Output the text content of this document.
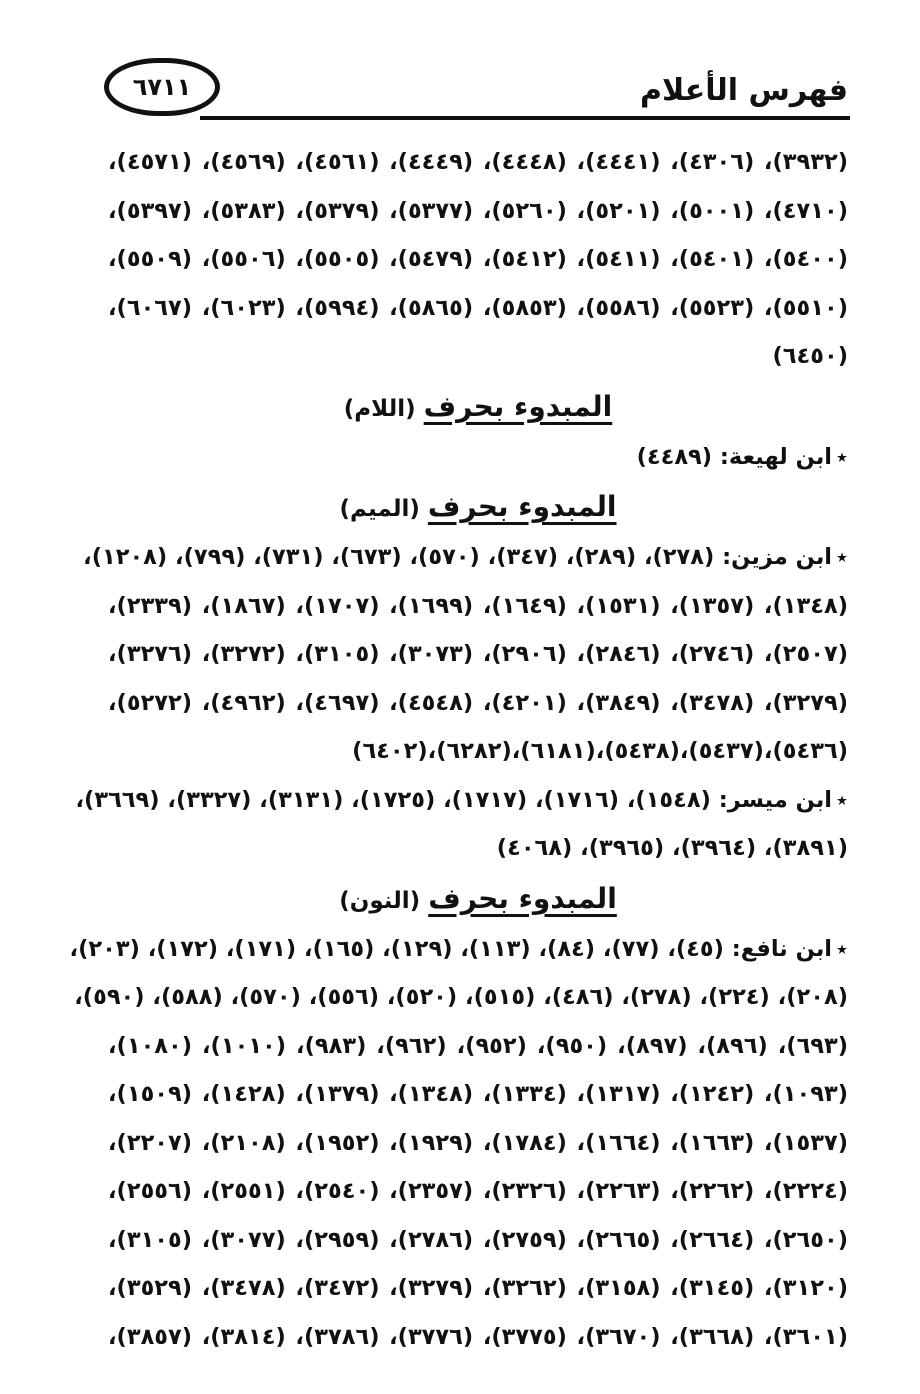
فهرس الأعلام
٦٧١١
(٣٩٣٢)، (٤٣٠٦)، (٤٤٤١)، (٤٤٤٨)، (٤٤٤٩)، (٤٥٦١)، (٤٥٦٩)، (٤٥٧١)،
(٤٧١٠)، (٥٠٠١)، (٥٢٠١)، (٥٢٦٠)، (٥٣٧٧)، (٥٣٧٩)، (٥٣٨٣)، (٥٣٩٧)،
(٥٤٠٠)، (٥٤٠١)، (٥٤١١)، (٥٤١٢)، (٥٤٧٩)، (٥٥٠٥)، (٥٥٠٦)، (٥٥٠٩)،
(٥٥١٠)، (٥٥٢٣)، (٥٥٨٦)، (٥٨٥٣)، (٥٨٦٥)، (٥٩٩٤)، (٦٠٢٣)، (٦٠٦٧)،
(٦٤٥٠)
المبدوء بحرف (اللام)
٭ابن لهيعة: (٤٤٨٩)
المبدوء بحرف (الميم)
٭ابن مزين: (٢٧٨)، (٢٨٩)، (٣٤٧)، (٥٧٠)، (٦٧٣)، (٧٣١)، (٧٩٩)، (١٢٠٨)،
(١٣٤٨)، (١٣٥٧)، (١٥٣١)، (١٦٤٩)، (١٦٩٩)، (١٧٠٧)، (١٨٦٧)، (٢٣٣٩)،
(٢٥٠٧)، (٢٧٤٦)، (٢٨٤٦)، (٢٩٠٦)، (٣٠٧٣)، (٣١٠٥)، (٣٢٧٢)، (٣٢٧٦)،
(٣٢٧٩)، (٣٤٧٨)، (٣٨٤٩)، (٤٢٠١)، (٤٥٤٨)، (٤٦٩٧)، (٤٩٦٢)، (٥٢٧٢)،
(٥٤٣٦)،(٥٤٣٧)،(٥٤٣٨)،(٦١٨١)،(٦٢٨٢)،(٦٤٠٢)
٭ابن ميسر: (١٥٤٨)، (١٧١٦)، (١٧١٧)، (١٧٢٥)، (٣١٣١)، (٣٣٢٧)، (٣٦٦٩)،
(٣٨٩١)، (٣٩٦٤)، (٣٩٦٥)، (٤٠٦٨)
المبدوء بحرف (النون)
٭ابن نافع: (٤٥)، (٧٧)، (٨٤)، (١١٣)، (١٢٩)، (١٦٥)، (١٧١)، (١٧٢)، (٢٠٣)،
(٢٠٨)، (٢٢٤)، (٢٧٨)، (٤٨٦)، (٥١٥)، (٥٢٠)، (٥٥٦)، (٥٧٠)، (٥٨٨)، (٥٩٠)،
(٦٩٣)، (٨٩٦)، (٨٩٧)، (٩٥٠)، (٩٥٢)، (٩٦٢)، (٩٨٣)، (١٠١٠)، (١٠٨٠)،
(١٠٩٣)، (١٢٤٢)، (١٣١٧)، (١٣٣٤)، (١٣٤٨)، (١٣٧٩)، (١٤٢٨)، (١٥٠٩)،
(١٥٣٧)، (١٦٦٣)، (١٦٦٤)، (١٧٨٤)، (١٩٢٩)، (١٩٥٢)، (٢١٠٨)، (٢٢٠٧)،
(٢٢٢٤)، (٢٢٦٢)، (٢٢٦٣)، (٢٣٢٦)، (٢٣٥٧)، (٢٥٤٠)، (٢٥٥١)، (٢٥٥٦)،
(٢٦٥٠)، (٢٦٦٤)، (٢٦٦٥)، (٢٧٥٩)، (٢٧٨٦)، (٢٩٥٩)، (٣٠٧٧)، (٣١٠٥)،
(٣١٢٠)، (٣١٤٥)، (٣١٥٨)، (٣٢٦٢)، (٣٢٧٩)، (٣٤٧٢)، (٣٤٧٨)، (٣٥٢٩)،
(٣٦٠١)، (٣٦٦٨)، (٣٦٧٠)، (٣٧٧٥)، (٣٧٧٦)، (٣٧٨٦)، (٣٨١٤)، (٣٨٥٧)،
